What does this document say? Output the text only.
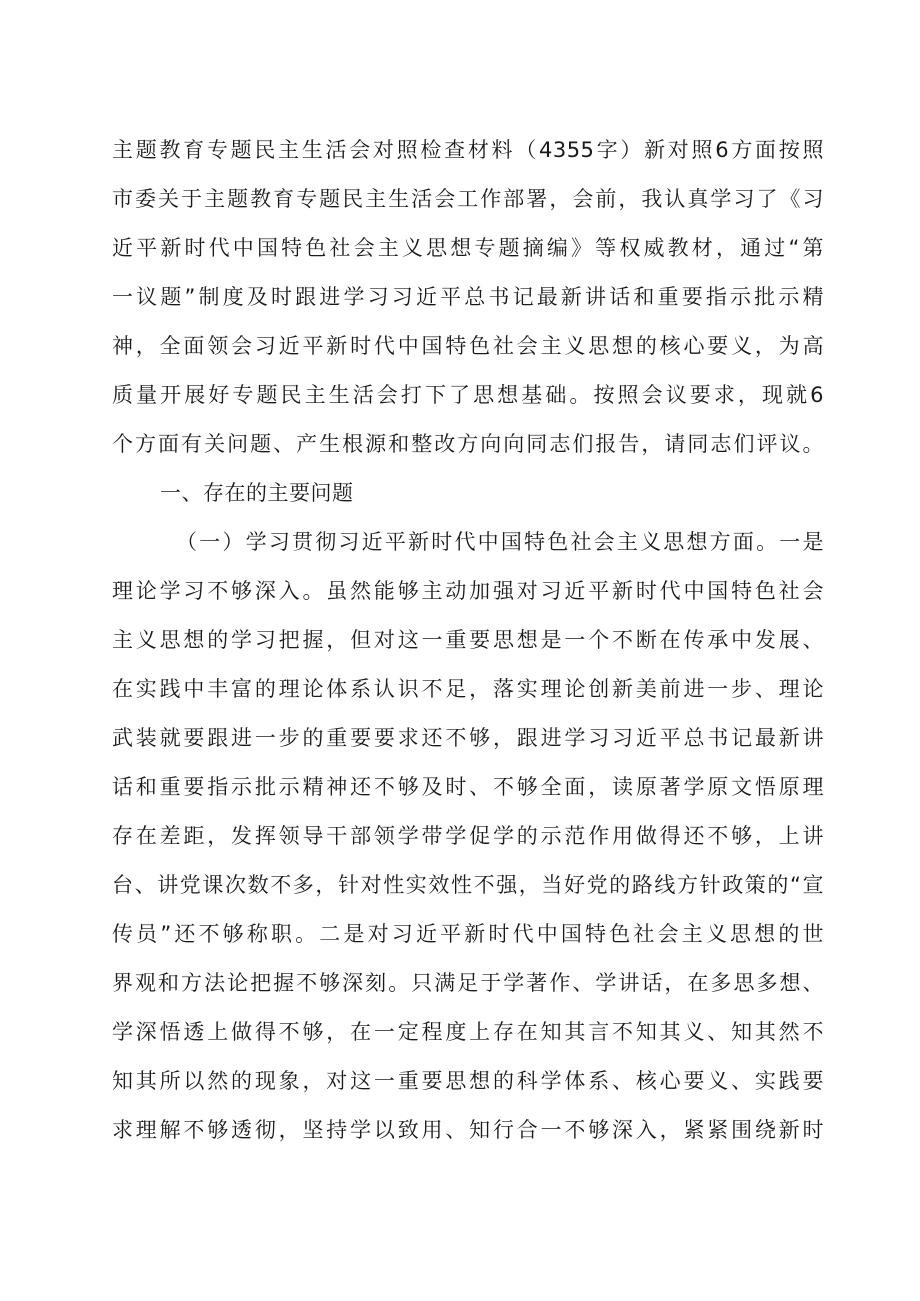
主题教育专题民主生活会对照检查材料（4355字）新对照6方面按照
市委关于主题教育专题民主生活会工作部署，会前，我认真学习了《习
近平新时代中国特色社会主义思想专题摘编》等权威教材，通过“第
一议题”制度及时跟进学习习近平总书记最新讲话和重要指示批示精
神，全面领会习近平新时代中国特色社会主义思想的核心要义，为高
质量开展好专题民主生活会打下了思想基础。按照会议要求，现就6
个方面有关问题、产生根源和整改方向向同志们报告，请同志们评议。
一、存在的主要问题
（一）学习贯彻习近平新时代中国特色社会主义思想方面。一是
理论学习不够深入。虽然能够主动加强对习近平新时代中国特色社会
主义思想的学习把握，但对这一重要思想是一个不断在传承中发展、
在实践中丰富的理论体系认识不足，落实理论创新美前进一步、理论
武装就要跟进一步的重要要求还不够，跟进学习习近平总书记最新讲
话和重要指示批示精神还不够及时、不够全面，读原著学原文悟原理
存在差距，发挥领导干部领学带学促学的示范作用做得还不够，上讲
台、讲党课次数不多，针对性实效性不强，当好党的路线方针政策的“宣
传员”还不够称职。二是对习近平新时代中国特色社会主义思想的世
界观和方法论把握不够深刻。只满足于学著作、学讲话，在多思多想、
学深悟透上做得不够，在一定程度上存在知其言不知其义、知其然不
知其所以然的现象，对这一重要思想的科学体系、核心要义、实践要
求理解不够透彻，坚持学以致用、知行合一不够深入，紧紧围绕新时
